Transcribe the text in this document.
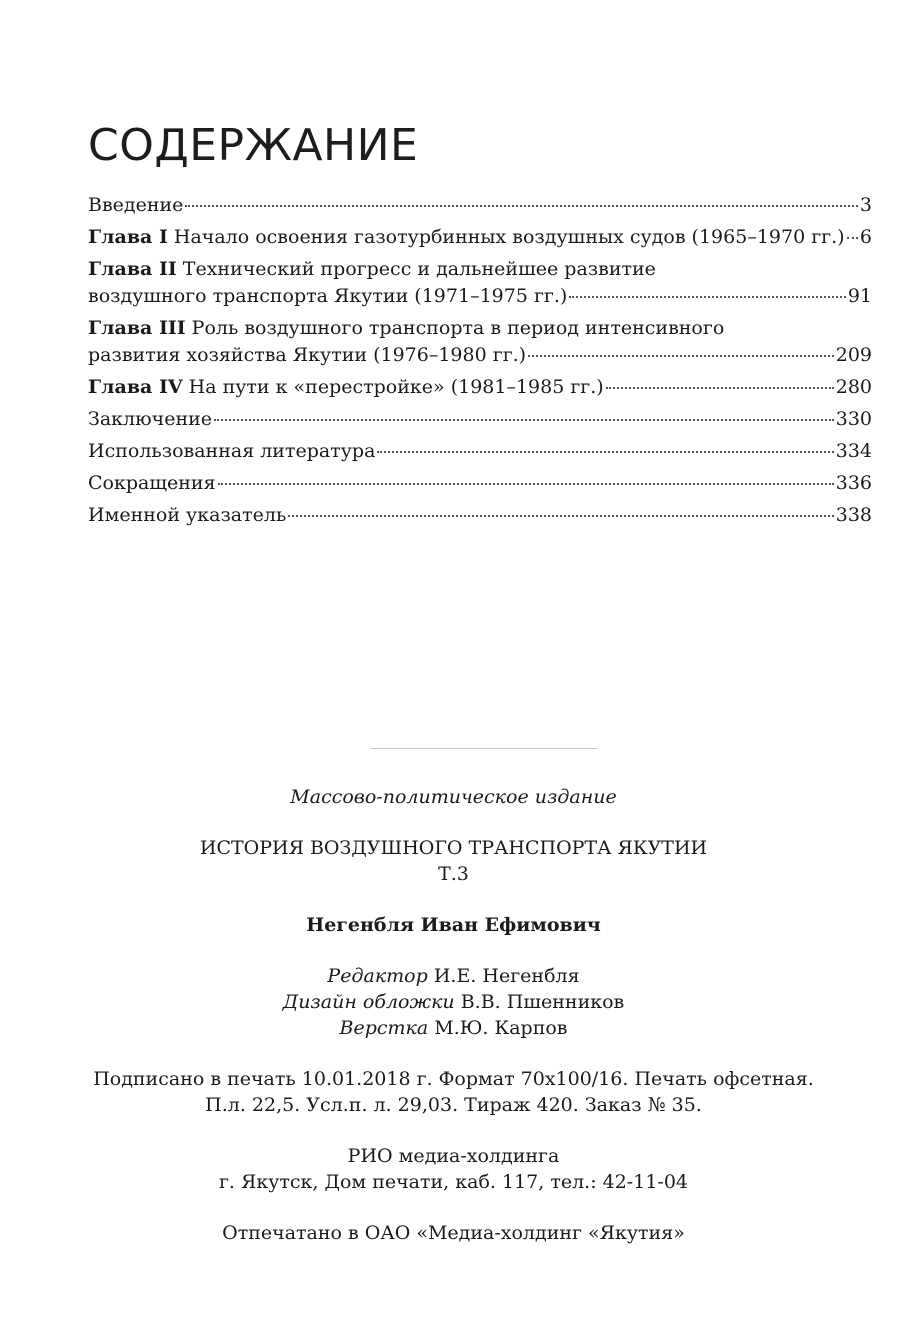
СОДЕРЖАНИЕ
Введение	3
Глава I Начало освоения газотурбинных воздушных судов (1965–1970 гг.) 6
Глава II Технический прогресс и дальнейшее развитие
воздушного транспорта Якутии (1971–1975 гг.)	91
Глава III Роль воздушного транспорта в период интенсивного
развития хозяйства Якутии (1976–1980 гг.)	209
Глава IV На пути к «перестройке» (1981–1985 гг.)	280
Заключение	330
Использованная литература	334
Сокращения	336
Именной указатель	338

Массово-политическое издание

ИСТОРИЯ ВОЗДУШНОГО ТРАНСПОРТА ЯКУТИИ

Т.3

Негенбля Иван Ефимович

Редактор И.Е. Негенбля

Дизайн обложки В.В. Пшенников

Верстка М.Ю. Карпов

Подписано в печать 10.01.2018 г. Формат 70х100/16. Печать офсетная.

П.л. 22,5. Усл.п. л. 29,03. Тираж 420. Заказ № 35.

РИО медиа-холдинга

г. Якутск, Дом печати, каб. 117, тел.: 42-11-04

Отпечатано в ОАО «Медиа-холдинг «Якутия»
